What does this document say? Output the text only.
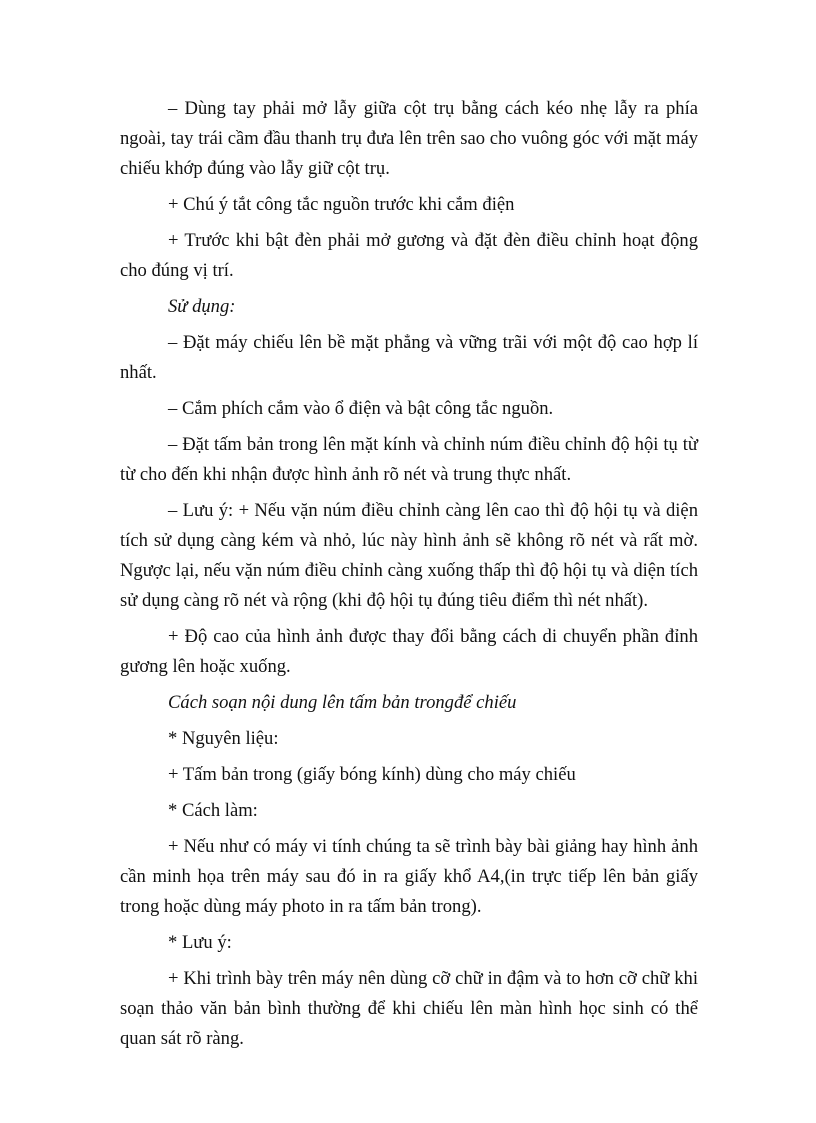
– Dùng tay phải mở lẫy giữa cột trụ bằng cách kéo nhẹ lẫy ra phía ngoài, tay trái cầm đầu thanh trụ đưa lên trên sao cho vuông góc với mặt máy chiếu khớp đúng vào lẫy giữ cột trụ.

+ Chú ý tắt công tắc nguồn trước khi cắm điện

+ Trước khi bật đèn phải mở gương và đặt đèn điều chỉnh hoạt động cho đúng vị trí.

Sử dụng:

– Đặt máy chiếu lên bề mặt phẳng và vững trãi với một độ cao hợp lí nhất.

– Cắm phích cắm vào ổ điện và bật công tắc nguồn.

– Đặt tấm bản trong lên mặt kính và chỉnh núm điều chỉnh độ hội tụ từ từ cho đến khi nhận được hình ảnh rõ nét và trung thực nhất.

– Lưu ý: + Nếu vặn núm điều chỉnh càng lên cao thì độ hội tụ và diện tích sử dụng càng kém và nhỏ, lúc này hình ảnh sẽ không rõ nét và rất mờ. Ngược lại, nếu vặn núm điều chỉnh càng xuống thấp thì độ hội tụ và diện tích sử dụng càng rõ nét và rộng (khi độ hội tụ đúng tiêu điểm thì nét nhất).

+ Độ cao của hình ảnh được thay đổi bằng cách di chuyển phần đỉnh gương lên hoặc xuống.

Cách soạn nội dung lên tấm bản trongđể chiếu

* Nguyên liệu:

+ Tấm bản trong (giấy bóng kính) dùng cho máy chiếu

* Cách làm:

+ Nếu như có máy vi tính chúng ta sẽ trình bày bài giảng hay hình ảnh cần minh họa trên máy sau đó in ra giấy khổ A4,(in trực tiếp lên bản giấy trong hoặc dùng máy photo in ra tấm bản trong).

* Lưu ý:

+ Khi trình bày trên máy nên dùng cỡ chữ in đậm và to hơn cỡ chữ khi soạn thảo văn bản bình thường để khi chiếu lên màn hình học sinh có thể quan sát rõ ràng.
